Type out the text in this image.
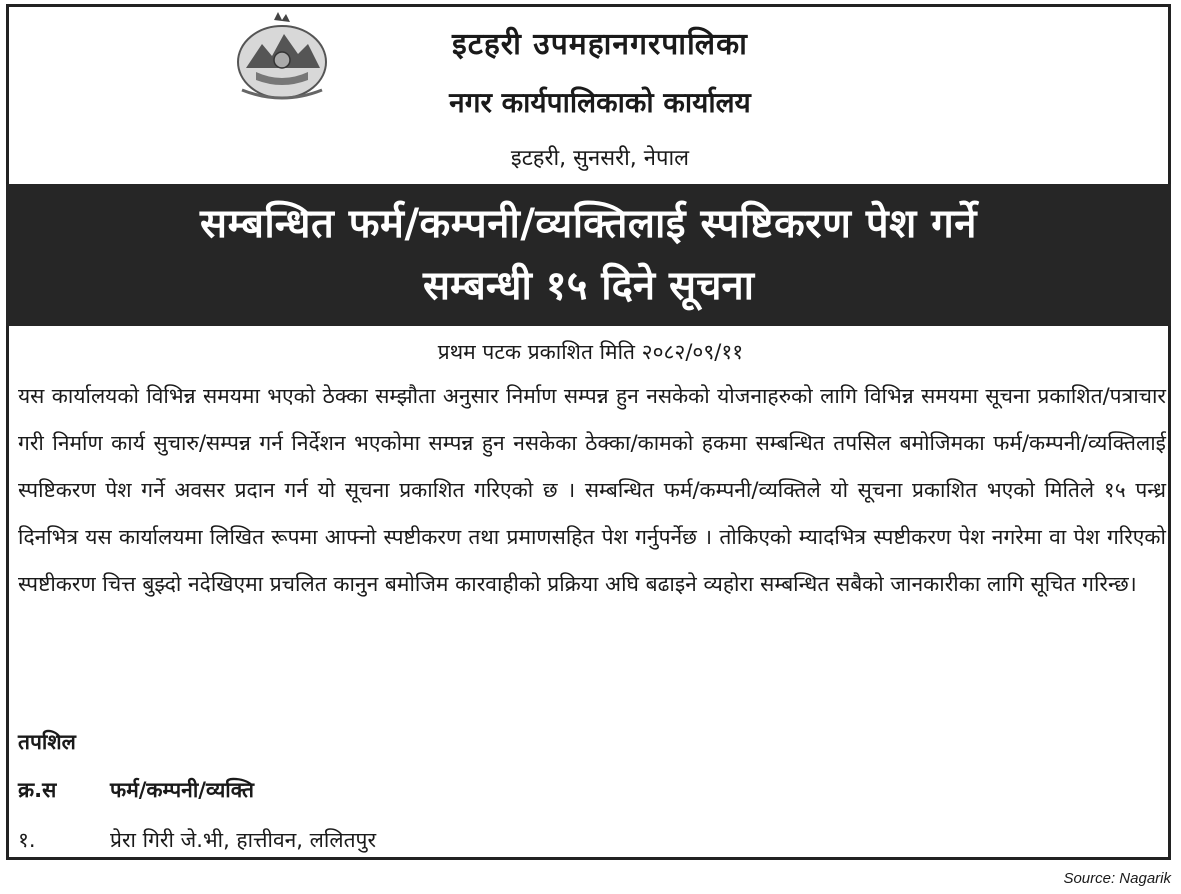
इटहरी उपमहानगरपालिका
नगर कार्यपालिकाको कार्यालय
इटहरी, सुनसरी, नेपाल
सम्बन्धित फर्म/कम्पनी/व्यक्तिलाई स्पष्टिकरण पेश गर्ने
सम्बन्धी १५ दिने सूचना
प्रथम पटक प्रकाशित मिति २०८२/०९/११
यस कार्यालयको विभिन्न समयमा भएको ठेक्का सम्झौता अनुसार निर्माण सम्पन्न हुन नसकेको योजनाहरुको लागि विभिन्न समयमा सूचना प्रकाशित/पत्राचार गरी निर्माण कार्य सुचारु/सम्पन्न गर्न निर्देशन भएकोमा सम्पन्न हुन नसकेका ठेक्का/कामको हकमा सम्बन्धित तपसिल बमोजिमका फर्म/कम्पनी/व्यक्तिलाई स्पष्टिकरण पेश गर्ने अवसर प्रदान गर्न यो सूचना प्रकाशित गरिएको छ । सम्बन्धित फर्म/कम्पनी/व्यक्तिले यो सूचना प्रकाशित भएको मितिले १५ पन्ध्र दिनभित्र यस कार्यालयमा लिखित रूपमा आफ्नो स्पष्टीकरण तथा प्रमाणसहित पेश गर्नुपर्नेछ । तोकिएको म्यादभित्र स्पष्टीकरण पेश नगरेमा वा पेश गरिएको स्पष्टीकरण चित्त बुझ्दो नदेखिएमा प्रचलित कानुन बमोजिम कारवाहीको प्रक्रिया अघि बढाइने व्यहोरा सम्बन्धित सबैको जानकारीका लागि सूचित गरिन्छ।
तपशिल
क्र.स	फर्म/कम्पनी/व्यक्ति
१.	प्रेरा गिरी जे.भी, हात्तीवन, ललितपुर
Source: Nagarik
